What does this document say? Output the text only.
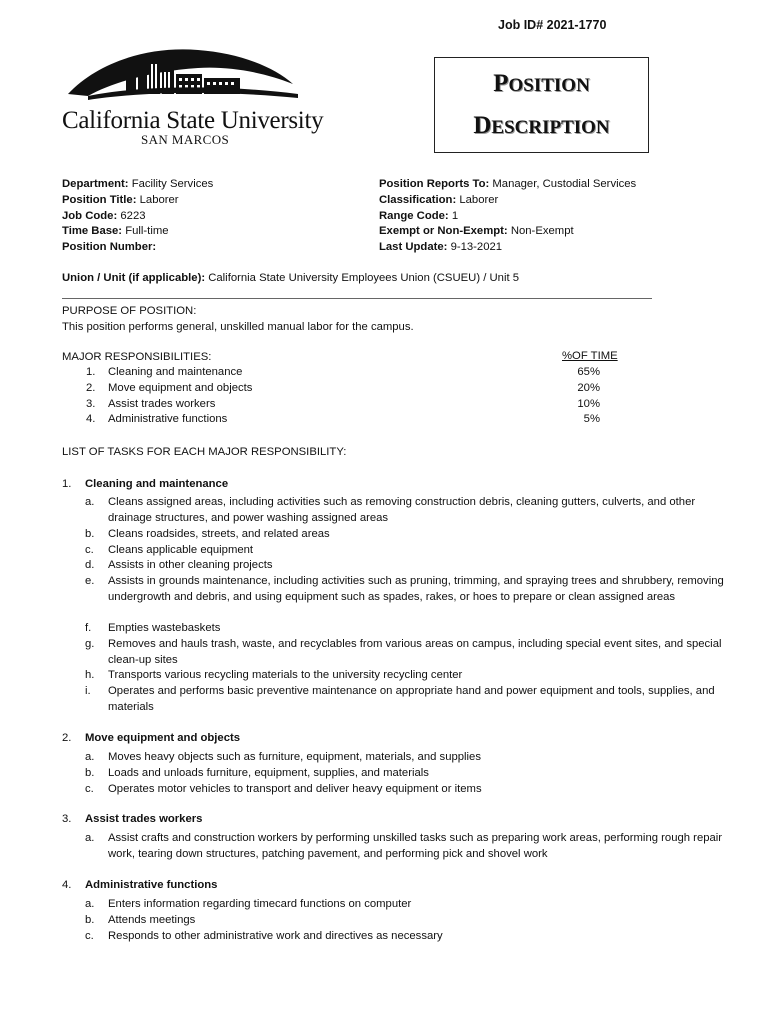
Job ID# 2021-1770
California State University
SAN MARCOS
POSITION
DESCRIPTION
Department: Facility Services
Position Title: Laborer
Job Code: 6223
Time Base: Full-time
Position Number:
Position Reports To: Manager, Custodial Services
Classification: Laborer
Range Code: 1
Exempt or Non-Exempt: Non-Exempt
Last Update: 9-13-2021
Union / Unit (if applicable): California State University Employees Union (CSUEU) / Unit 5
PURPOSE OF POSITION:
This position performs general, unskilled manual labor for the campus.
MAJOR RESPONSIBILITIES:	%OF TIME
1. Cleaning and maintenance	65%
2. Move equipment and objects	20%
3. Assist trades workers	10%
4. Administrative functions	5%
LIST OF TASKS FOR EACH MAJOR RESPONSIBILITY:
1. Cleaning and maintenance
a. Cleans assigned areas, including activities such as removing construction debris, cleaning gutters, culverts, and other drainage structures, and power washing assigned areas
b. Cleans roadsides, streets, and related areas
c. Cleans applicable equipment
d. Assists in other cleaning projects
e. Assists in grounds maintenance, including activities such as pruning, trimming, and spraying trees and shrubbery, removing undergrowth and debris, and using equipment such as spades, rakes, or hoes to prepare or clean assigned areas
f. Empties wastebaskets
g. Removes and hauls trash, waste, and recyclables from various areas on campus, including special event sites, and special clean-up sites
h. Transports various recycling materials to the university recycling center
i. Operates and performs basic preventive maintenance on appropriate hand and power equipment and tools, supplies, and materials
2. Move equipment and objects
a. Moves heavy objects such as furniture, equipment, materials, and supplies
b. Loads and unloads furniture, equipment, supplies, and materials
c. Operates motor vehicles to transport and deliver heavy equipment or items
3. Assist trades workers
a. Assist crafts and construction workers by performing unskilled tasks such as preparing work areas, performing rough repair work, tearing down structures, patching pavement, and performing pick and shovel work
4. Administrative functions
a. Enters information regarding timecard functions on computer
b. Attends meetings
c. Responds to other administrative work and directives as necessary
